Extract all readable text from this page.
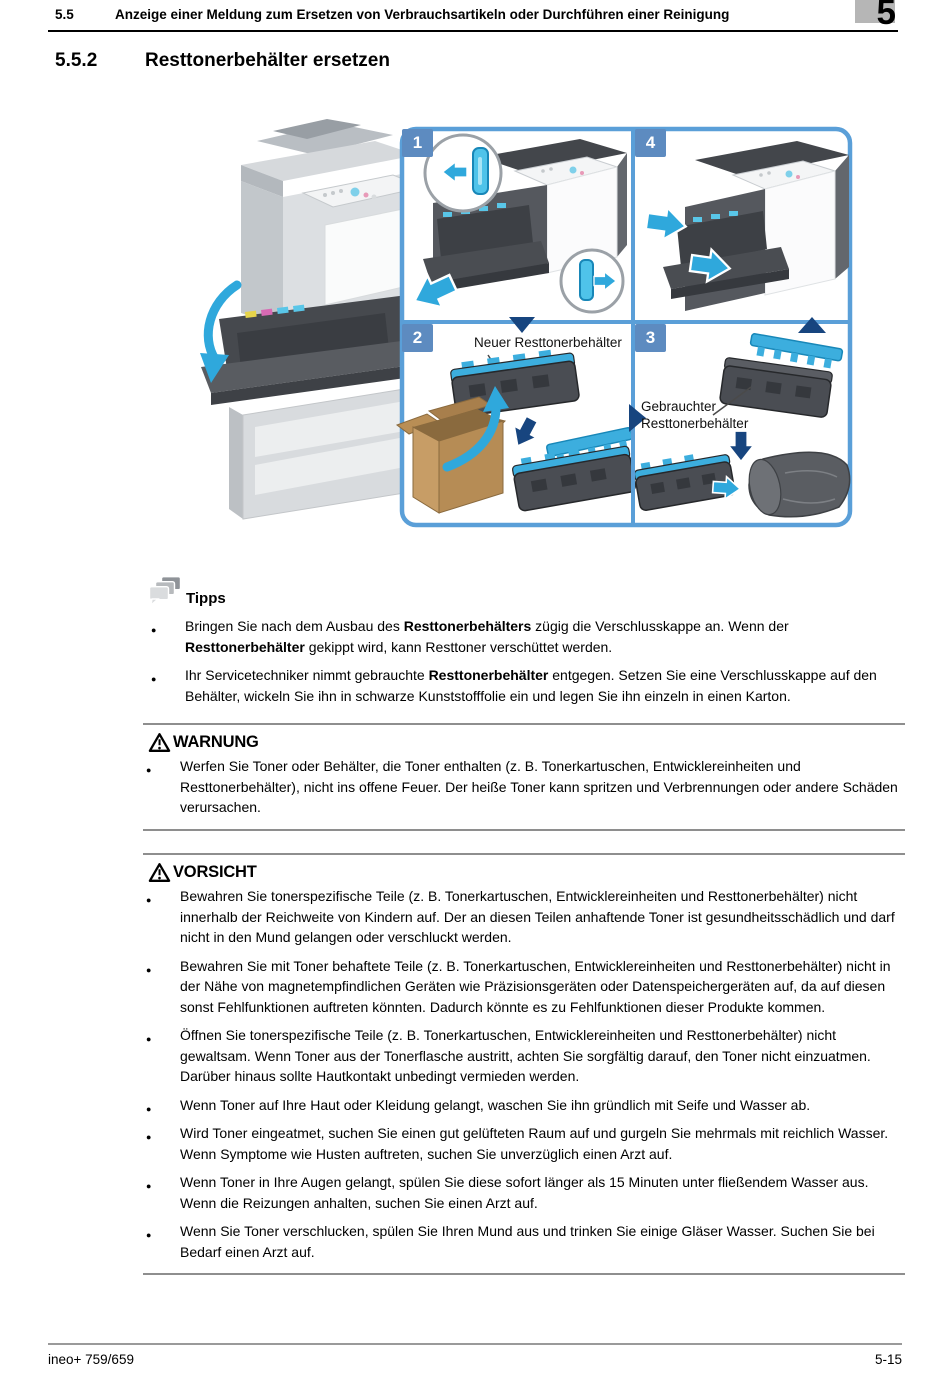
5.5	Anzeige einer Meldung zum Ersetzen von Verbrauchsartikeln oder Durchführen einer Reinigung	5
5.5.2	Resttonerbehälter ersetzen
1	4
2	3
Neuer Resttonerbehälter
Gebrauchter Resttonerbehälter
Tipps
● Bringen Sie nach dem Ausbau des Resttonerbehälters zügig die Verschlusskappe an. Wenn der Resttonerbehälter gekippt wird, kann Resttoner verschüttet werden.
● Ihr Servicetechniker nimmt gebrauchte Resttonerbehälter entgegen. Setzen Sie eine Verschlusskappe auf den Behälter, wickeln Sie ihn in schwarze Kunststofffolie ein und legen Sie ihn einzeln in einen Karton.
WARNUNG
● Werfen Sie Toner oder Behälter, die Toner enthalten (z. B. Tonerkartuschen, Entwicklereinheiten und Resttonerbehälter), nicht ins offene Feuer. Der heiße Toner kann spritzen und Verbrennungen oder andere Schäden verursachen.
VORSICHT
● Bewahren Sie tonerspezifische Teile (z. B. Tonerkartuschen, Entwicklereinheiten und Resttonerbehälter) nicht innerhalb der Reichweite von Kindern auf. Der an diesen Teilen anhaftende Toner ist gesundheitsschädlich und darf nicht in den Mund gelangen oder verschluckt werden.
● Bewahren Sie mit Toner behaftete Teile (z. B. Tonerkartuschen, Entwicklereinheiten und Resttonerbehälter) nicht in der Nähe von magnetempfindlichen Geräten wie Präzisionsgeräten oder Datenspeichergeräten auf, da auf diesen sonst Fehlfunktionen auftreten könnten. Dadurch könnte es zu Fehlfunktionen dieser Produkte kommen.
● Öffnen Sie tonerspezifische Teile (z. B. Tonerkartuschen, Entwicklereinheiten und Resttonerbehälter) nicht gewaltsam. Wenn Toner aus der Tonerflasche austritt, achten Sie sorgfältig darauf, den Toner nicht einzuatmen. Darüber hinaus sollte Hautkontakt unbedingt vermieden werden.
● Wenn Toner auf Ihre Haut oder Kleidung gelangt, waschen Sie ihn gründlich mit Seife und Wasser ab.
● Wird Toner eingeatmet, suchen Sie einen gut gelüfteten Raum auf und gurgeln Sie mehrmals mit reichlich Wasser. Wenn Symptome wie Husten auftreten, suchen Sie unverzüglich einen Arzt auf.
● Wenn Toner in Ihre Augen gelangt, spülen Sie diese sofort länger als 15 Minuten unter fließendem Wasser aus. Wenn die Reizungen anhalten, suchen Sie einen Arzt auf.
● Wenn Sie Toner verschlucken, spülen Sie Ihren Mund aus und trinken Sie einige Gläser Wasser. Suchen Sie bei Bedarf einen Arzt auf.
ineo+ 759/659	5-15
